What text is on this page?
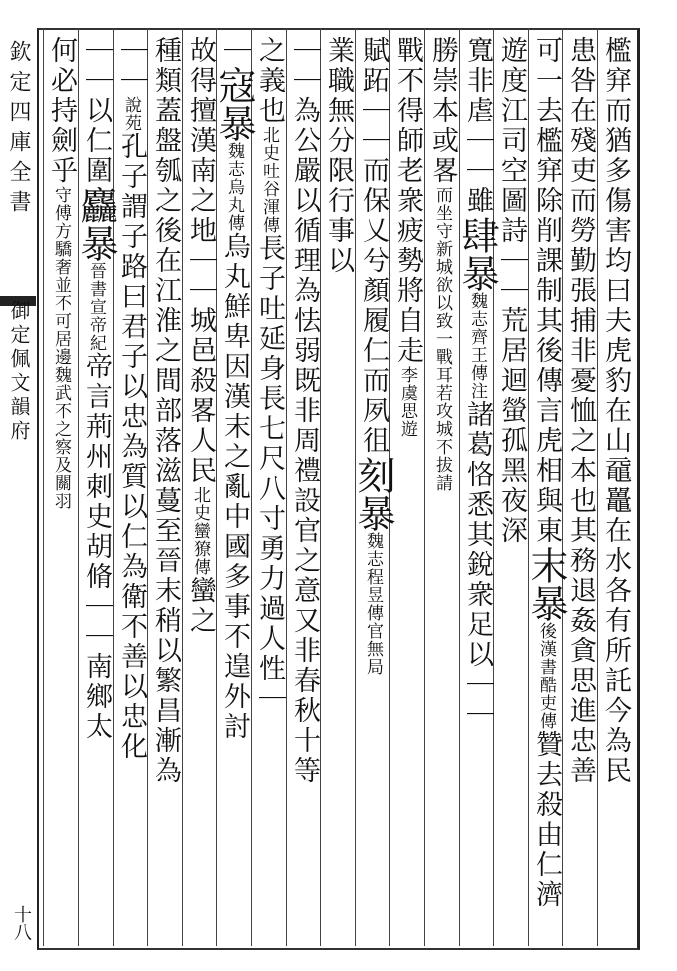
欽定四庫全書
御定佩文韻府
十八
檻穽而猶多傷害均曰夫虎豹在山黿鼉在水各有所託今為民
患咎在殘吏而勞勤張捕非憂恤之本也其務退姦貪思進忠善
可一去檻穽除削課制其後傳言虎相與東末暴後漢書酷吏傳贊去殺由仁濟
遊度江司空圖詩｜｜荒居迴螢孤黑夜深
寬非虐｜｜雖肆暴魏志齊王傳注諸葛恪悉其銳衆足以｜｜
勝崇本或畧而坐守新城欲以致一戰耳若攻城不拔請
戰不得師老衆疲勢將自走李虞思遊
賦跖｜｜而保乂兮顏履仁而夙徂刻暴魏志程昱傳官無局
業職無分限行事以
｜｜為公嚴以循理為怯弱既非周禮設官之意又非春秋十等
之義也北史吐谷渾傳長子吐延身長七尺八寸勇力過人性｜
｜寇暴魏志烏丸傳烏丸鮮卑因漢末之亂中國多事不遑外討
故得擅漢南之地｜｜城邑殺畧人民北史蠻獠傳蠻之
種類蓋盤瓠之後在江淮之間部落滋蔓至晉末稍以繁昌漸為
｜｜說苑孔子謂子路曰君子以忠為質以仁為衛不善以忠化
｜｜以仁圍麤暴晉書宣帝紀帝言荊州刺史胡脩｜｜南鄉太
何必持劍乎守傅方驕奢並不可居邊魏武不之察及關羽
